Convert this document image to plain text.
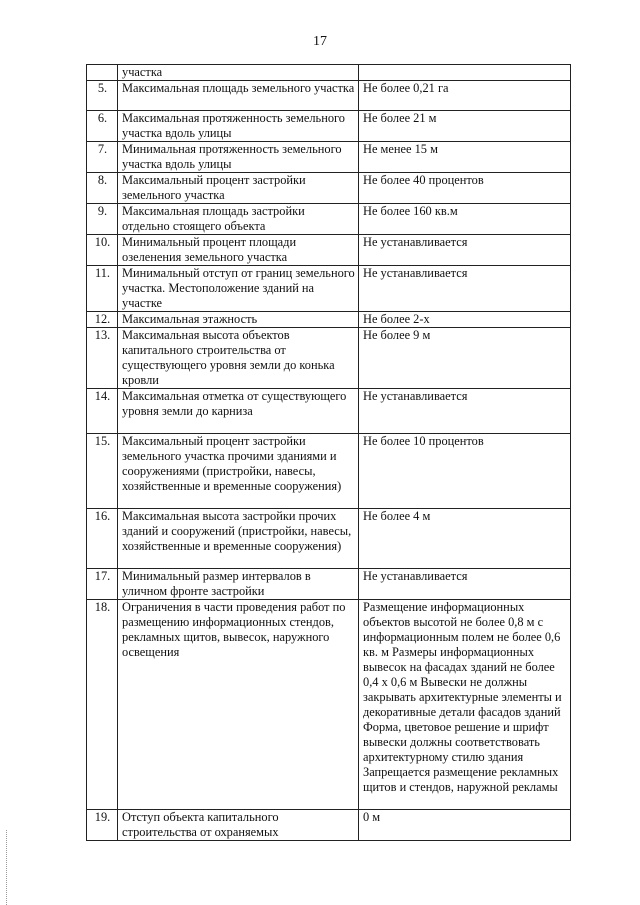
17
	участка	
5.	Максимальная площадь земельного участка	Не более 0,21 га
6.	Максимальная протяженность земельного участка вдоль улицы	Не более 21 м
7.	Минимальная протяженность земельного участка вдоль улицы	Не менее 15 м
8.	Максимальный процент застройки земельного участка	Не более 40 процентов
9.	Максимальная площадь застройки отдельно стоящего объекта	Не более 160 кв.м
10.	Минимальный процент площади озеленения земельного участка	Не устанавливается
11.	Минимальный отступ от границ земельного участка. Местоположение зданий на участке	Не устанавливается
12.	Максимальная этажность	Не более 2-х
13.	Максимальная высота объектов капитального строительства от существующего уровня земли до конька кровли	Не более 9 м
14.	Максимальная отметка от существующего уровня земли до карниза	Не устанавливается
15.	Максимальный процент застройки земельного участка прочими зданиями и сооружениями (пристройки, навесы, хозяйственные и временные сооружения)	Не более 10 процентов
16.	Максимальная высота застройки прочих зданий и сооружений (пристройки, навесы, хозяйственные и временные сооружения)	Не более 4 м
17.	Минимальный размер интервалов в уличном фронте застройки	Не устанавливается
18.	Ограничения в части проведения работ по размещению информационных стендов, рекламных щитов, вывесок, наружного освещения	Размещение информационных объектов высотой не более 0,8 м с информационным полем не более 0,6 кв. м Размеры информационных вывесок на фасадах зданий не более 0,4 х 0,6 м Вывески не должны закрывать архитектурные элементы и декоративные детали фасадов зданий Форма, цветовое решение и шрифт вывески должны соответствовать архитектурному стилю здания Запрещается размещение рекламных щитов и стендов, наружной рекламы
19.	Отступ объекта капитального строительства от охраняемых	0 м
